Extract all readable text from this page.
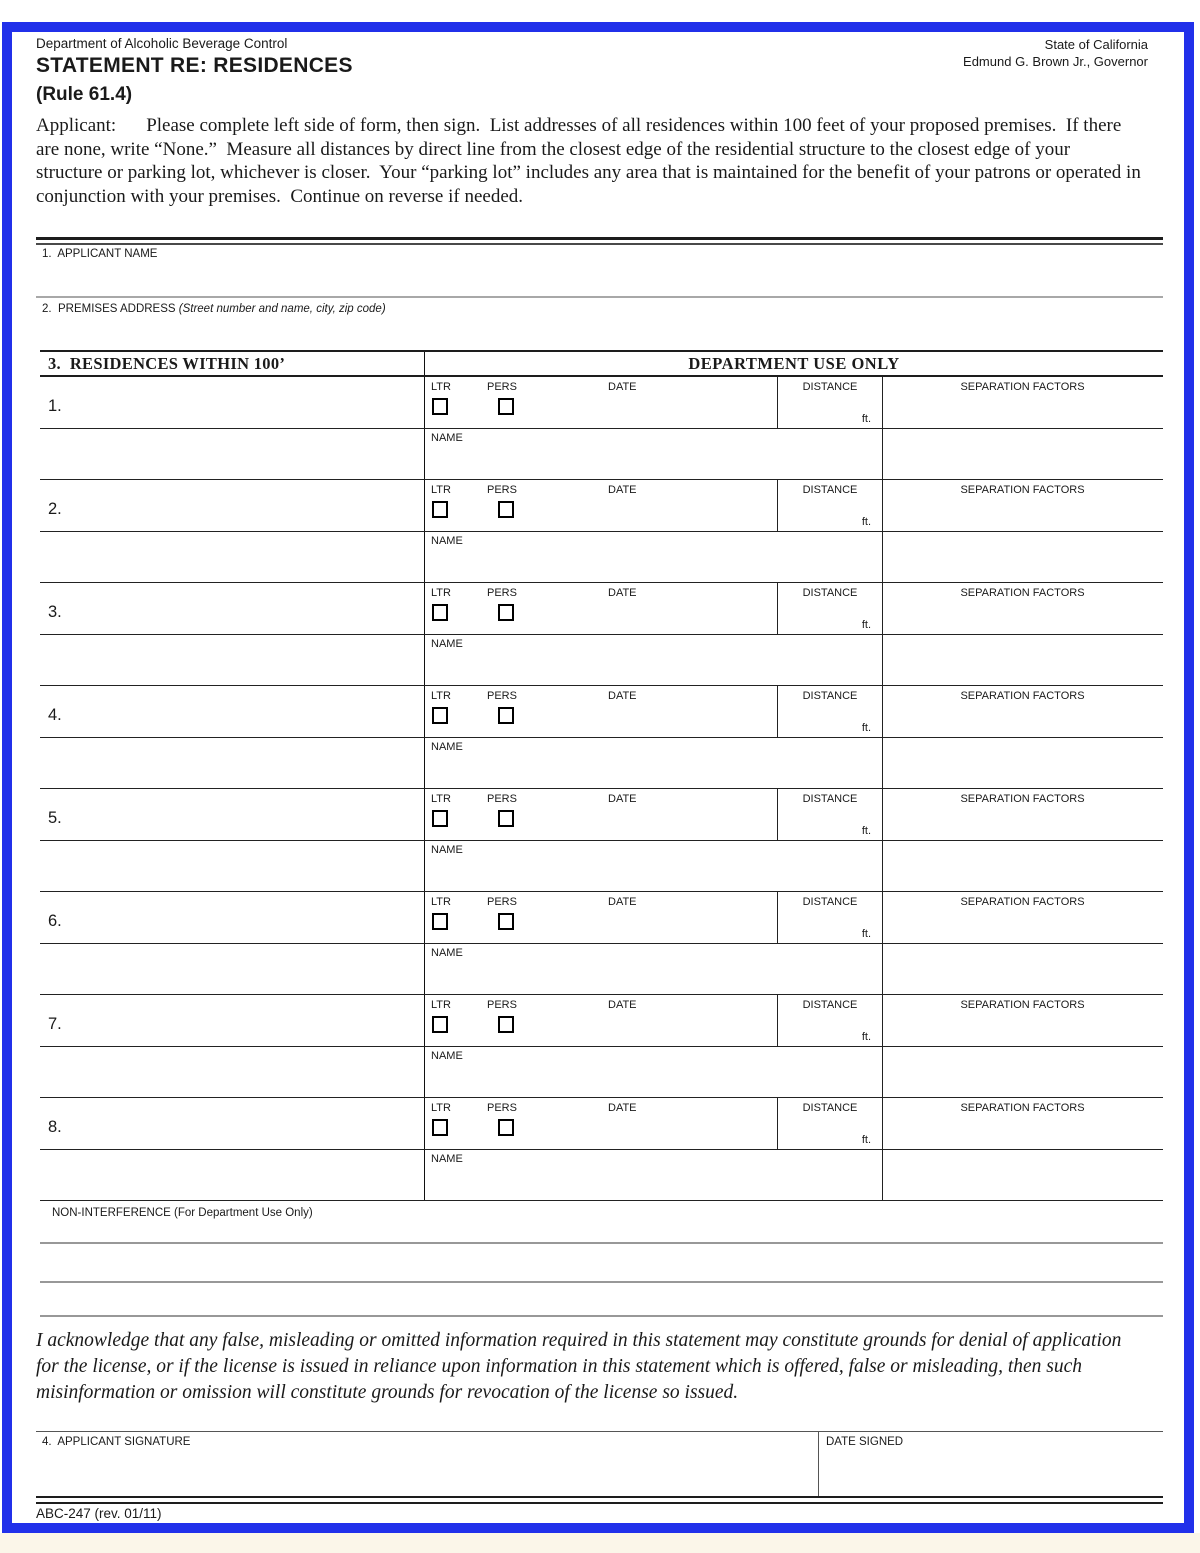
Department of Alcoholic Beverage Control
STATEMENT RE: RESIDENCES
(Rule 61.4)
State of California
Edmund G. Brown Jr., Governor
Applicant: Please complete left side of form, then sign.  List addresses of all residences within 100 feet of your proposed premises.  If there are none, write “None.”  Measure all distances by direct line from the closest edge of the residential structure to the closest edge of your structure or parking lot, whichever is closer.  Your “parking lot” includes any area that is maintained for the benefit of your patrons or operated in conjunction with your premises.  Continue on reverse if needed.
1.  APPLICANT NAME
2.  PREMISES ADDRESS (Street number and name, city, zip code)
3.  RESIDENCES WITHIN 100’	DEPARTMENT USE ONLY
1.
LTR	PERS	DATE	DISTANCE	SEPARATION FACTORS
ft.
NAME
2.
LTR	PERS	DATE	DISTANCE	SEPARATION FACTORS
ft.
NAME
3.
LTR	PERS	DATE	DISTANCE	SEPARATION FACTORS
ft.
NAME
4.
LTR	PERS	DATE	DISTANCE	SEPARATION FACTORS
ft.
NAME
5.
LTR	PERS	DATE	DISTANCE	SEPARATION FACTORS
ft.
NAME
6.
LTR	PERS	DATE	DISTANCE	SEPARATION FACTORS
ft.
NAME
7.
LTR	PERS	DATE	DISTANCE	SEPARATION FACTORS
ft.
NAME
8.
LTR	PERS	DATE	DISTANCE	SEPARATION FACTORS
ft.
NAME
NON-INTERFERENCE (For Department Use Only)
I acknowledge that any false, misleading or omitted information required in this statement may constitute grounds for denial of application for the license, or if the license is issued in reliance upon information in this statement which is offered, false or misleading, then such misinformation or omission will constitute grounds for revocation of the license so issued.
4.  APPLICANT SIGNATURE	DATE SIGNED
ABC-247 (rev. 01/11)
